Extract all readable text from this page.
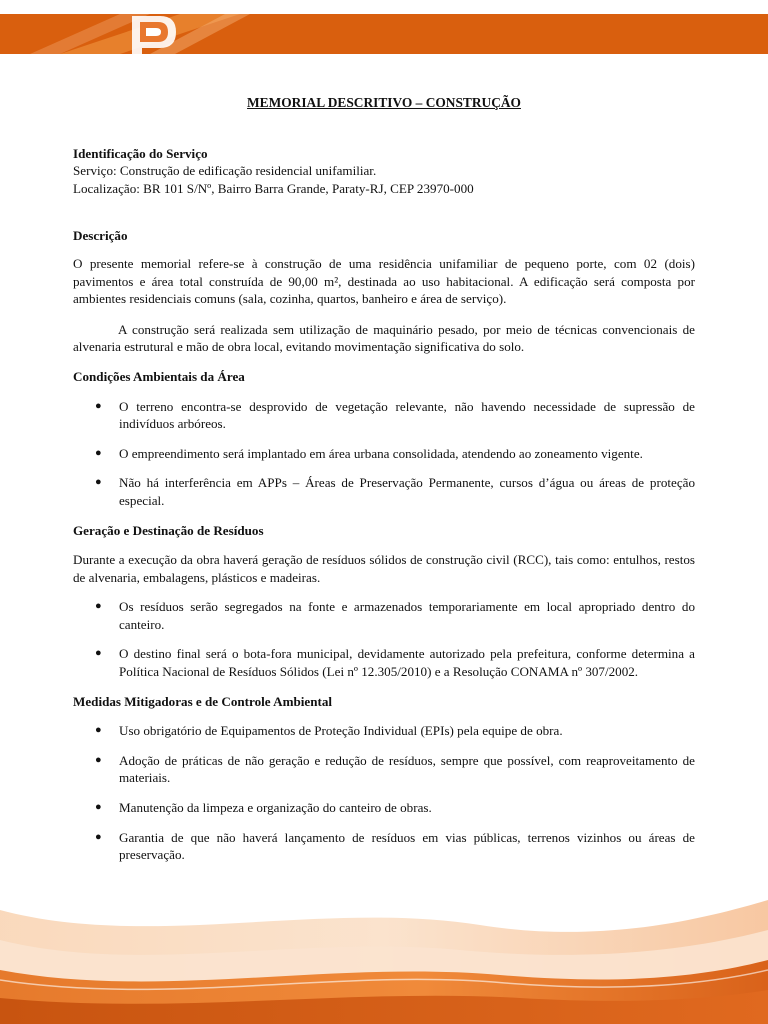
MEMORIAL DESCRITIVO – CONSTRUÇÃO

Identificação do Serviço

Serviço: Construção de edificação residencial unifamiliar.

Localização: BR 101 S/Nº, Bairro Barra Grande, Paraty-RJ, CEP 23970-000

Descrição

O presente memorial refere-se à construção de uma residência unifamiliar de pequeno porte, com 02 (dois) pavimentos e área total construída de 90,00 m², destinada ao uso habitacional. A edificação será composta por ambientes residenciais comuns (sala, cozinha, quartos, banheiro e área de serviço).

A construção será realizada sem utilização de maquinário pesado, por meio de técnicas convencionais de alvenaria estrutural e mão de obra local, evitando movimentação significativa do solo.

Condições Ambientais da Área

● O terreno encontra-se desprovido de vegetação relevante, não havendo necessidade de supressão de indivíduos arbóreos.
● O empreendimento será implantado em área urbana consolidada, atendendo ao zoneamento vigente.
● Não há interferência em APPs – Áreas de Preservação Permanente, cursos d’água ou áreas de proteção especial.

Geração e Destinação de Resíduos

Durante a execução da obra haverá geração de resíduos sólidos de construção civil (RCC), tais como: entulhos, restos de alvenaria, embalagens, plásticos e madeiras.

● Os resíduos serão segregados na fonte e armazenados temporariamente em local apropriado dentro do canteiro.
● O destino final será o bota-fora municipal, devidamente autorizado pela prefeitura, conforme determina a Política Nacional de Resíduos Sólidos (Lei nº 12.305/2010) e a Resolução CONAMA nº 307/2002.

Medidas Mitigadoras e de Controle Ambiental

● Uso obrigatório de Equipamentos de Proteção Individual (EPIs) pela equipe de obra.
● Adoção de práticas de não geração e redução de resíduos, sempre que possível, com reaproveitamento de materiais.
● Manutenção da limpeza e organização do canteiro de obras.
● Garantia de que não haverá lançamento de resíduos em vias públicas, terrenos vizinhos ou áreas de preservação.
